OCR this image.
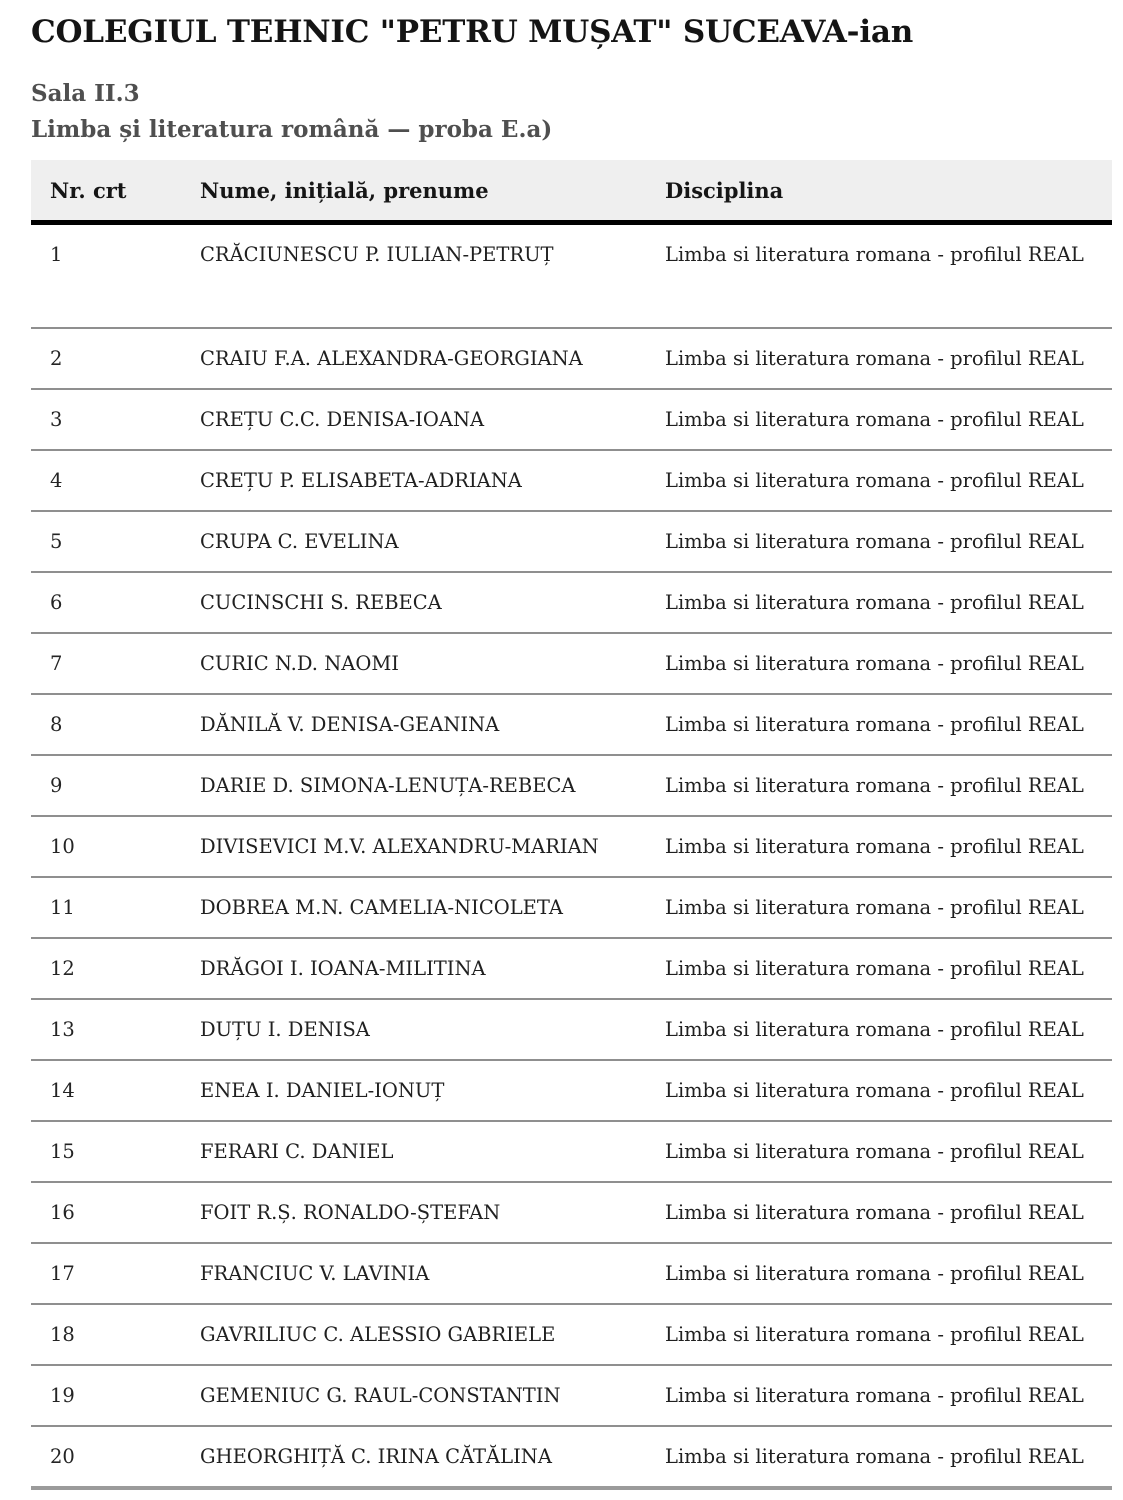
COLEGIUL TEHNIC "PETRU MUȘAT" SUCEAVA-ian
Sala II.3
Limba și literatura română — proba E.a)
Nr. crt	Nume, inițială, prenume	Disciplina
1	CRĂCIUNESCU P. IULIAN-PETRUȚ	Limba si literatura romana - profilul REAL
2	CRAIU F.A. ALEXANDRA-GEORGIANA	Limba si literatura romana - profilul REAL
3	CREȚU C.C. DENISA-IOANA	Limba si literatura romana - profilul REAL
4	CREȚU P. ELISABETA-ADRIANA	Limba si literatura romana - profilul REAL
5	CRUPA C. EVELINA	Limba si literatura romana - profilul REAL
6	CUCINSCHI S. REBECA	Limba si literatura romana - profilul REAL
7	CURIC N.D. NAOMI	Limba si literatura romana - profilul REAL
8	DĂNILĂ V. DENISA-GEANINA	Limba si literatura romana - profilul REAL
9	DARIE D. SIMONA-LENUȚA-REBECA	Limba si literatura romana - profilul REAL
10	DIVISEVICI M.V. ALEXANDRU-MARIAN	Limba si literatura romana - profilul REAL
11	DOBREA M.N. CAMELIA-NICOLETA	Limba si literatura romana - profilul REAL
12	DRĂGOI I. IOANA-MILITINA	Limba si literatura romana - profilul REAL
13	DUȚU I. DENISA	Limba si literatura romana - profilul REAL
14	ENEA I. DANIEL-IONUȚ	Limba si literatura romana - profilul REAL
15	FERARI C. DANIEL	Limba si literatura romana - profilul REAL
16	FOIT R.Ș. RONALDO-ȘTEFAN	Limba si literatura romana - profilul REAL
17	FRANCIUC V. LAVINIA	Limba si literatura romana - profilul REAL
18	GAVRILIUC C. ALESSIO GABRIELE	Limba si literatura romana - profilul REAL
19	GEMENIUC G. RAUL-CONSTANTIN	Limba si literatura romana - profilul REAL
20	GHEORGHIȚĂ C. IRINA CĂTĂLINA	Limba si literatura romana - profilul REAL
